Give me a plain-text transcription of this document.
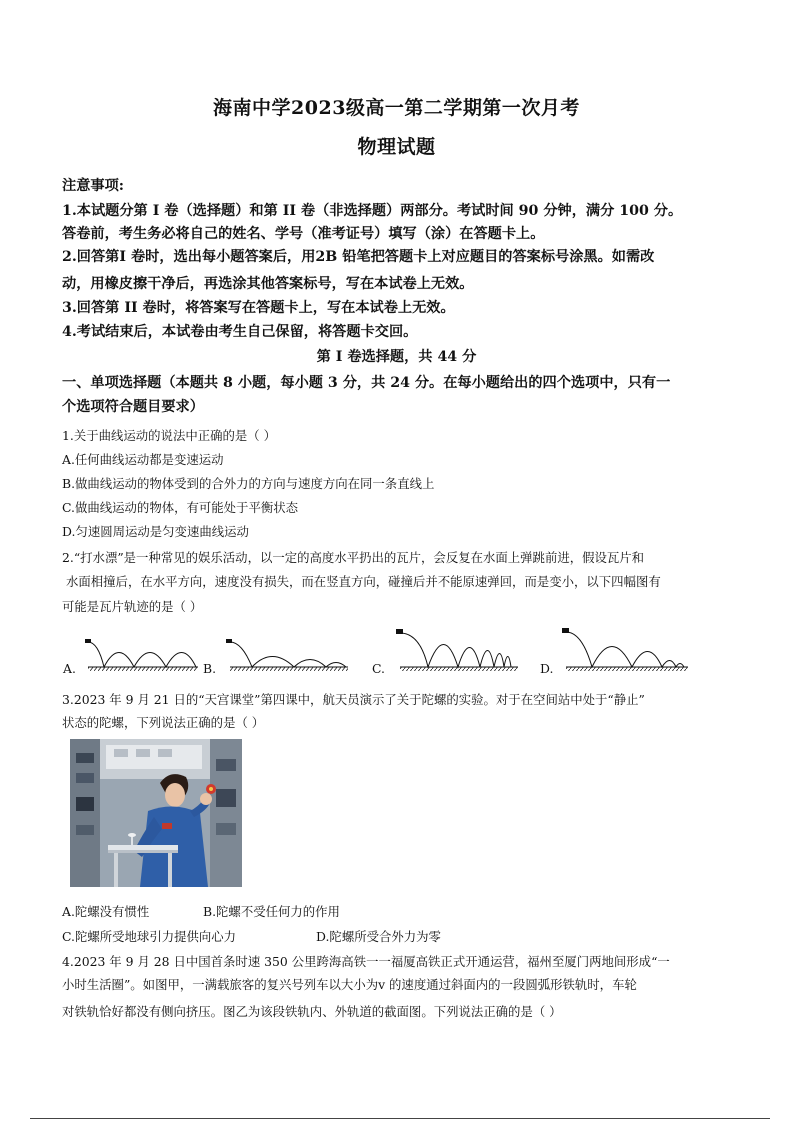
海南中学2023级高一第二学期第一次月考
物理试题
注意事项:
1.本试题分第 I 卷（选择题）和第 II 卷（非选择题）两部分。考试时间 90 分钟，满分 100 分。
答卷前，考生务必将自己的姓名、学号（准考证号）填写（涂）在答题卡上。
2.回答第I 卷时，选出每小题答案后，用2B 铅笔把答题卡上对应题目的答案标号涂黑。如需改
动，用橡皮擦干净后，再选涂其他答案标号，写在本试卷上无效。
3.回答第 II 卷时，将答案写在答题卡上，写在本试卷上无效。
4.考试结束后，本试卷由考生自己保留，将答题卡交回。
第 I 卷选择题，共 44 分
一、单项选择题（本题共 8 小题，每小题 3 分，共 24 分。在每小题给出的四个选项中，只有一
个选项符合题目要求）
1.关于曲线运动的说法中正确的是（ ）
A.任何曲线运动都是变速运动
B.做曲线运动的物体受到的合外力的方向与速度方向在同一条直线上
C.做曲线运动的物体，有可能处于平衡状态
D.匀速圆周运动是匀变速曲线运动
2.“打水漂”是一种常见的娱乐活动，以一定的高度水平扔出的瓦片，会反复在水面上弹跳前进，假设瓦片和
水面相撞后，在水平方向，速度没有损失，而在竖直方向，碰撞后并不能原速弹回，而是变小，以下四幅图有
可能是瓦片轨迹的是（ ）
A.	B.	C.	D.
3.2023 年 9 月 21 日的“天宫课堂”第四课中，航天员演示了关于陀螺的实验。对于在空间站中处于“静止”
状态的陀螺，下列说法正确的是（ ）
A.陀螺没有惯性	B.陀螺不受任何力的作用
C.陀螺所受地球引力提供向心力	D.陀螺所受合外力为零
4.2023 年 9 月 28 日中国首条时速 350 公里跨海高铁一一福厦高铁正式开通运营，福州至厦门两地间形成“一
小时生活圈”。如图甲，一满载旅客的复兴号列车以大小为v 的速度通过斜面内的一段圆弧形铁轨时，车轮
对铁轨恰好都没有侧向挤压。图乙为该段铁轨内、外轨道的截面图。下列说法正确的是（ ）
